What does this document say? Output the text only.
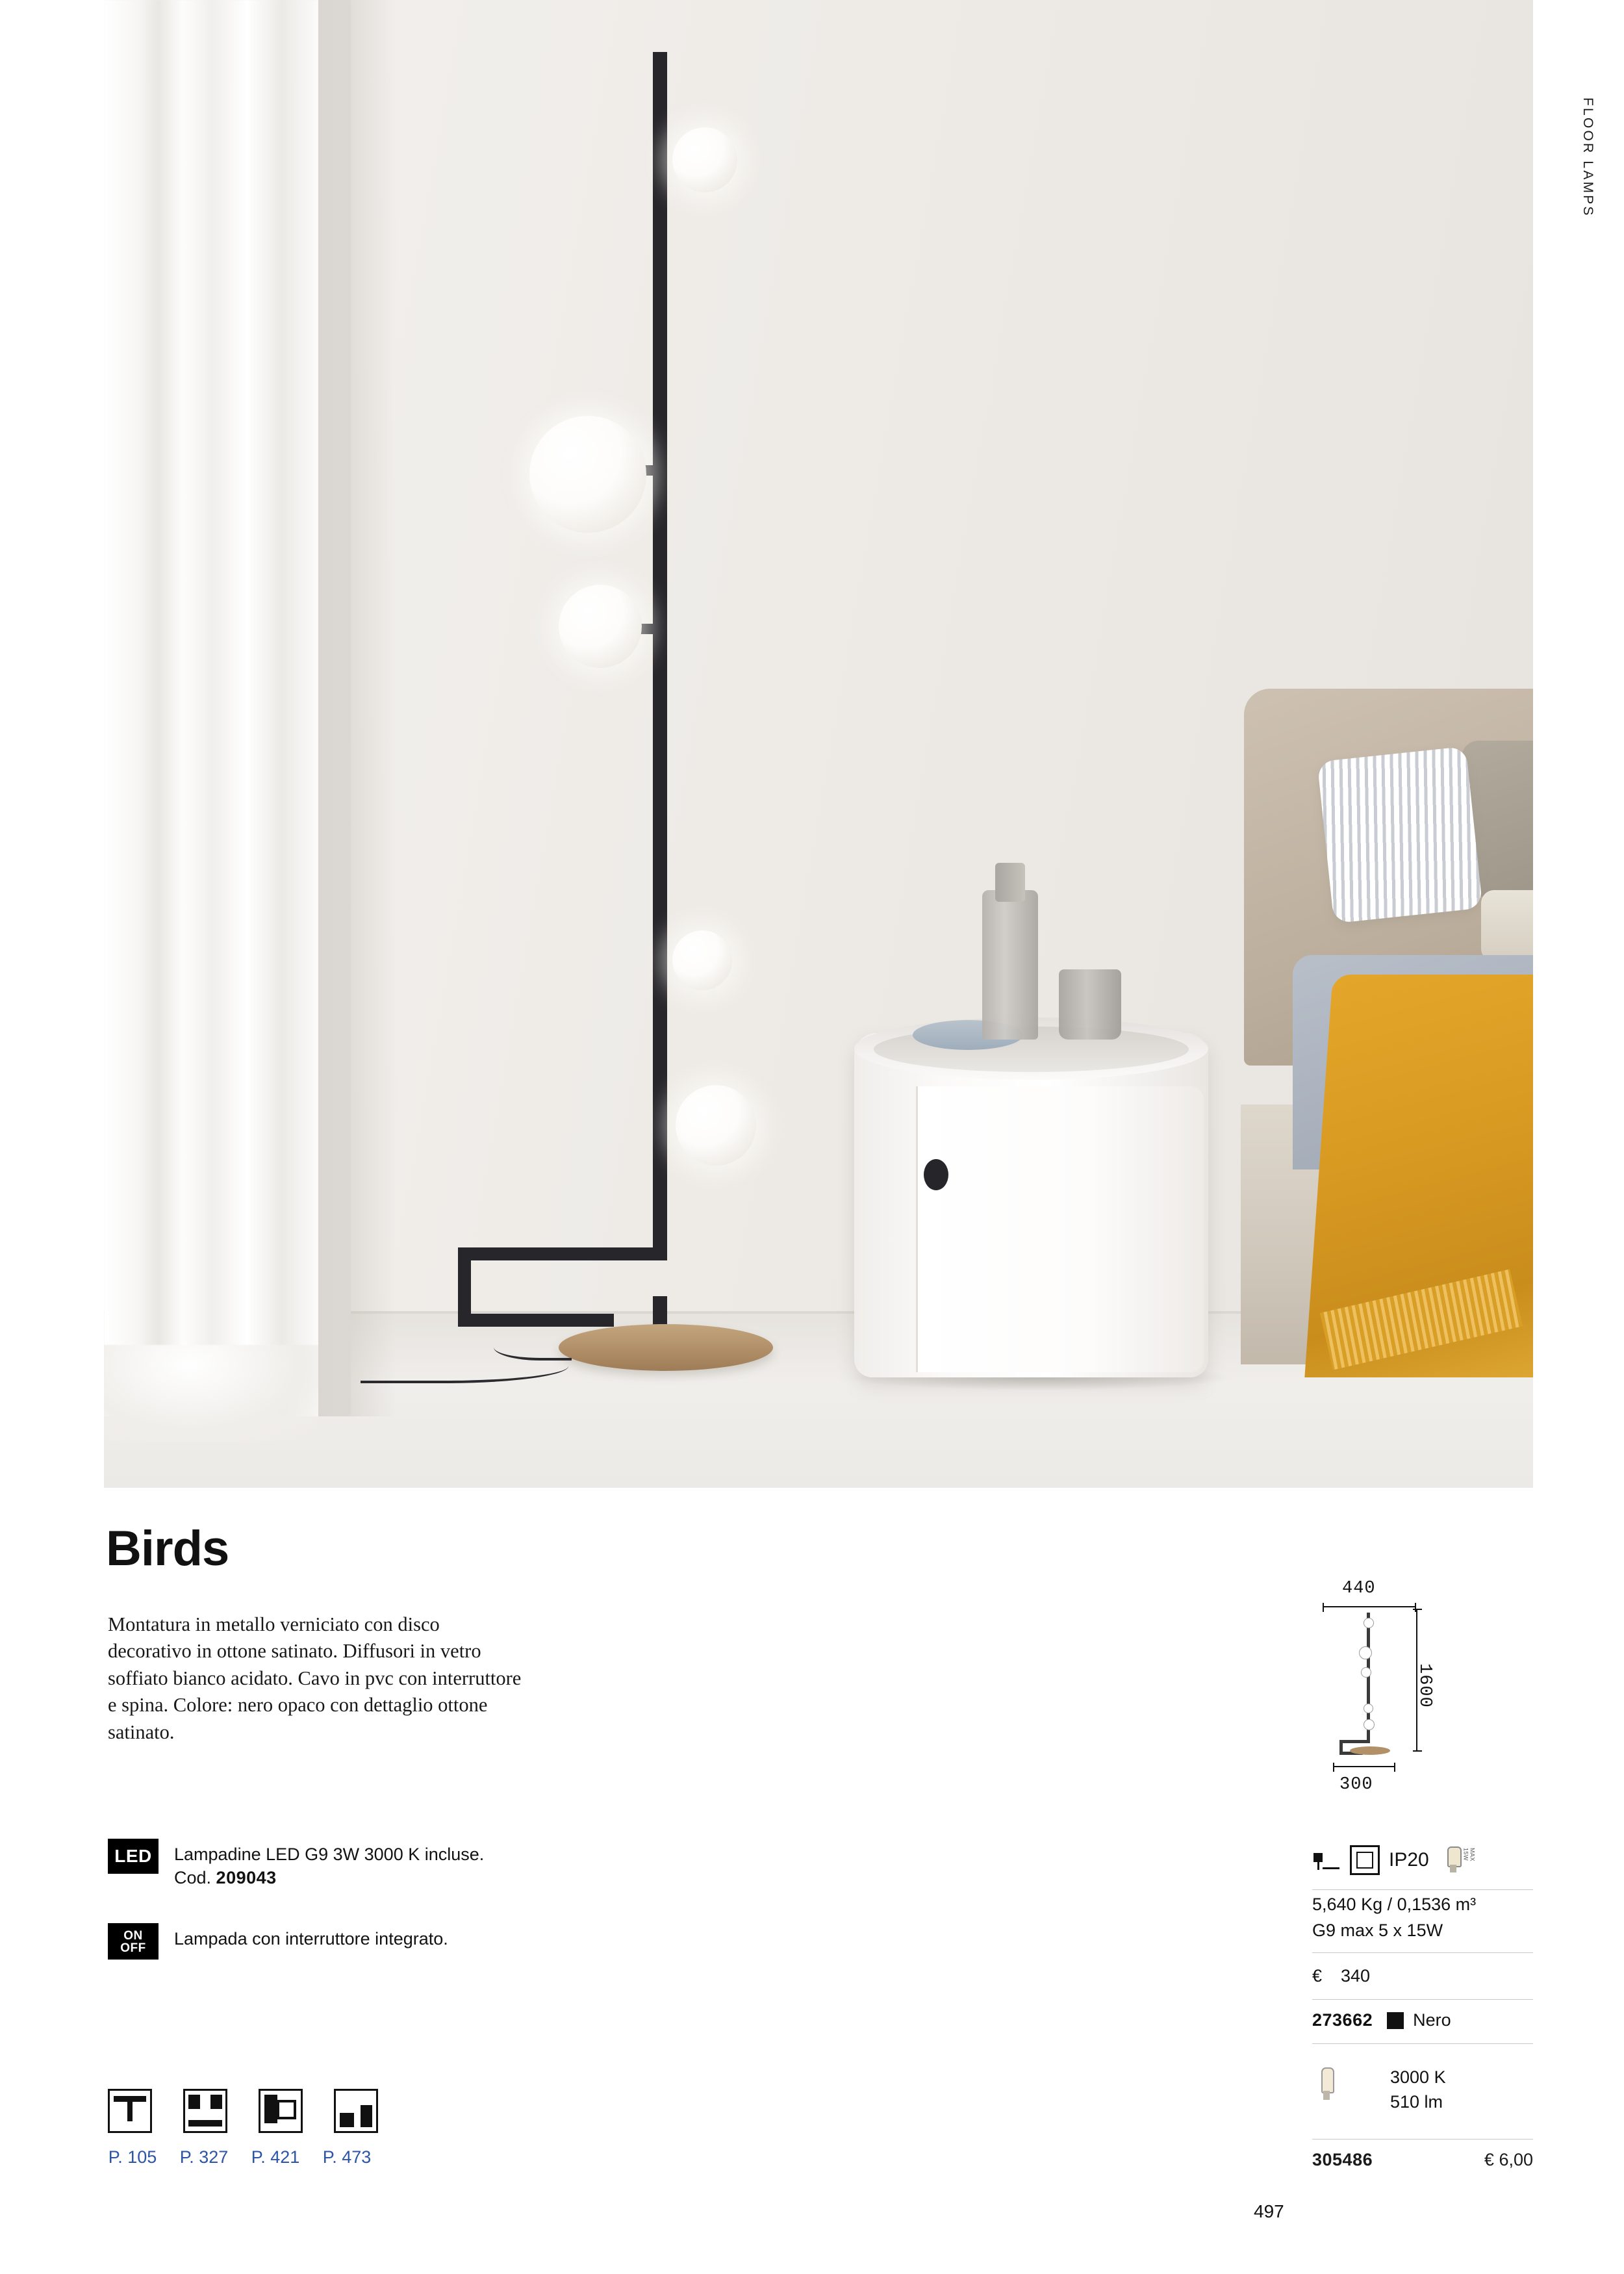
FLOOR LAMPS
Birds
Montatura in metallo verniciato con disco decorativo in ottone satinato. Diffusori in vetro soffiato bianco acidato. Cavo in pvc con interruttore e spina. Colore: nero opaco con dettaglio ottone satinato.
LED	Lampadine LED G9 3W 3000 K incluse.
Cod. 209043
ON
OFF Lampada con interruttore integrato.
P. 105 P. 327 P. 421 P. 473
440
1600
300
IP20	MAX 15W
5,640 Kg / 0,1536 m³
G9 max 5 x 15W
€ 340
273662 Nero
3000 K
510 lm
305486	€ 6,00
497
